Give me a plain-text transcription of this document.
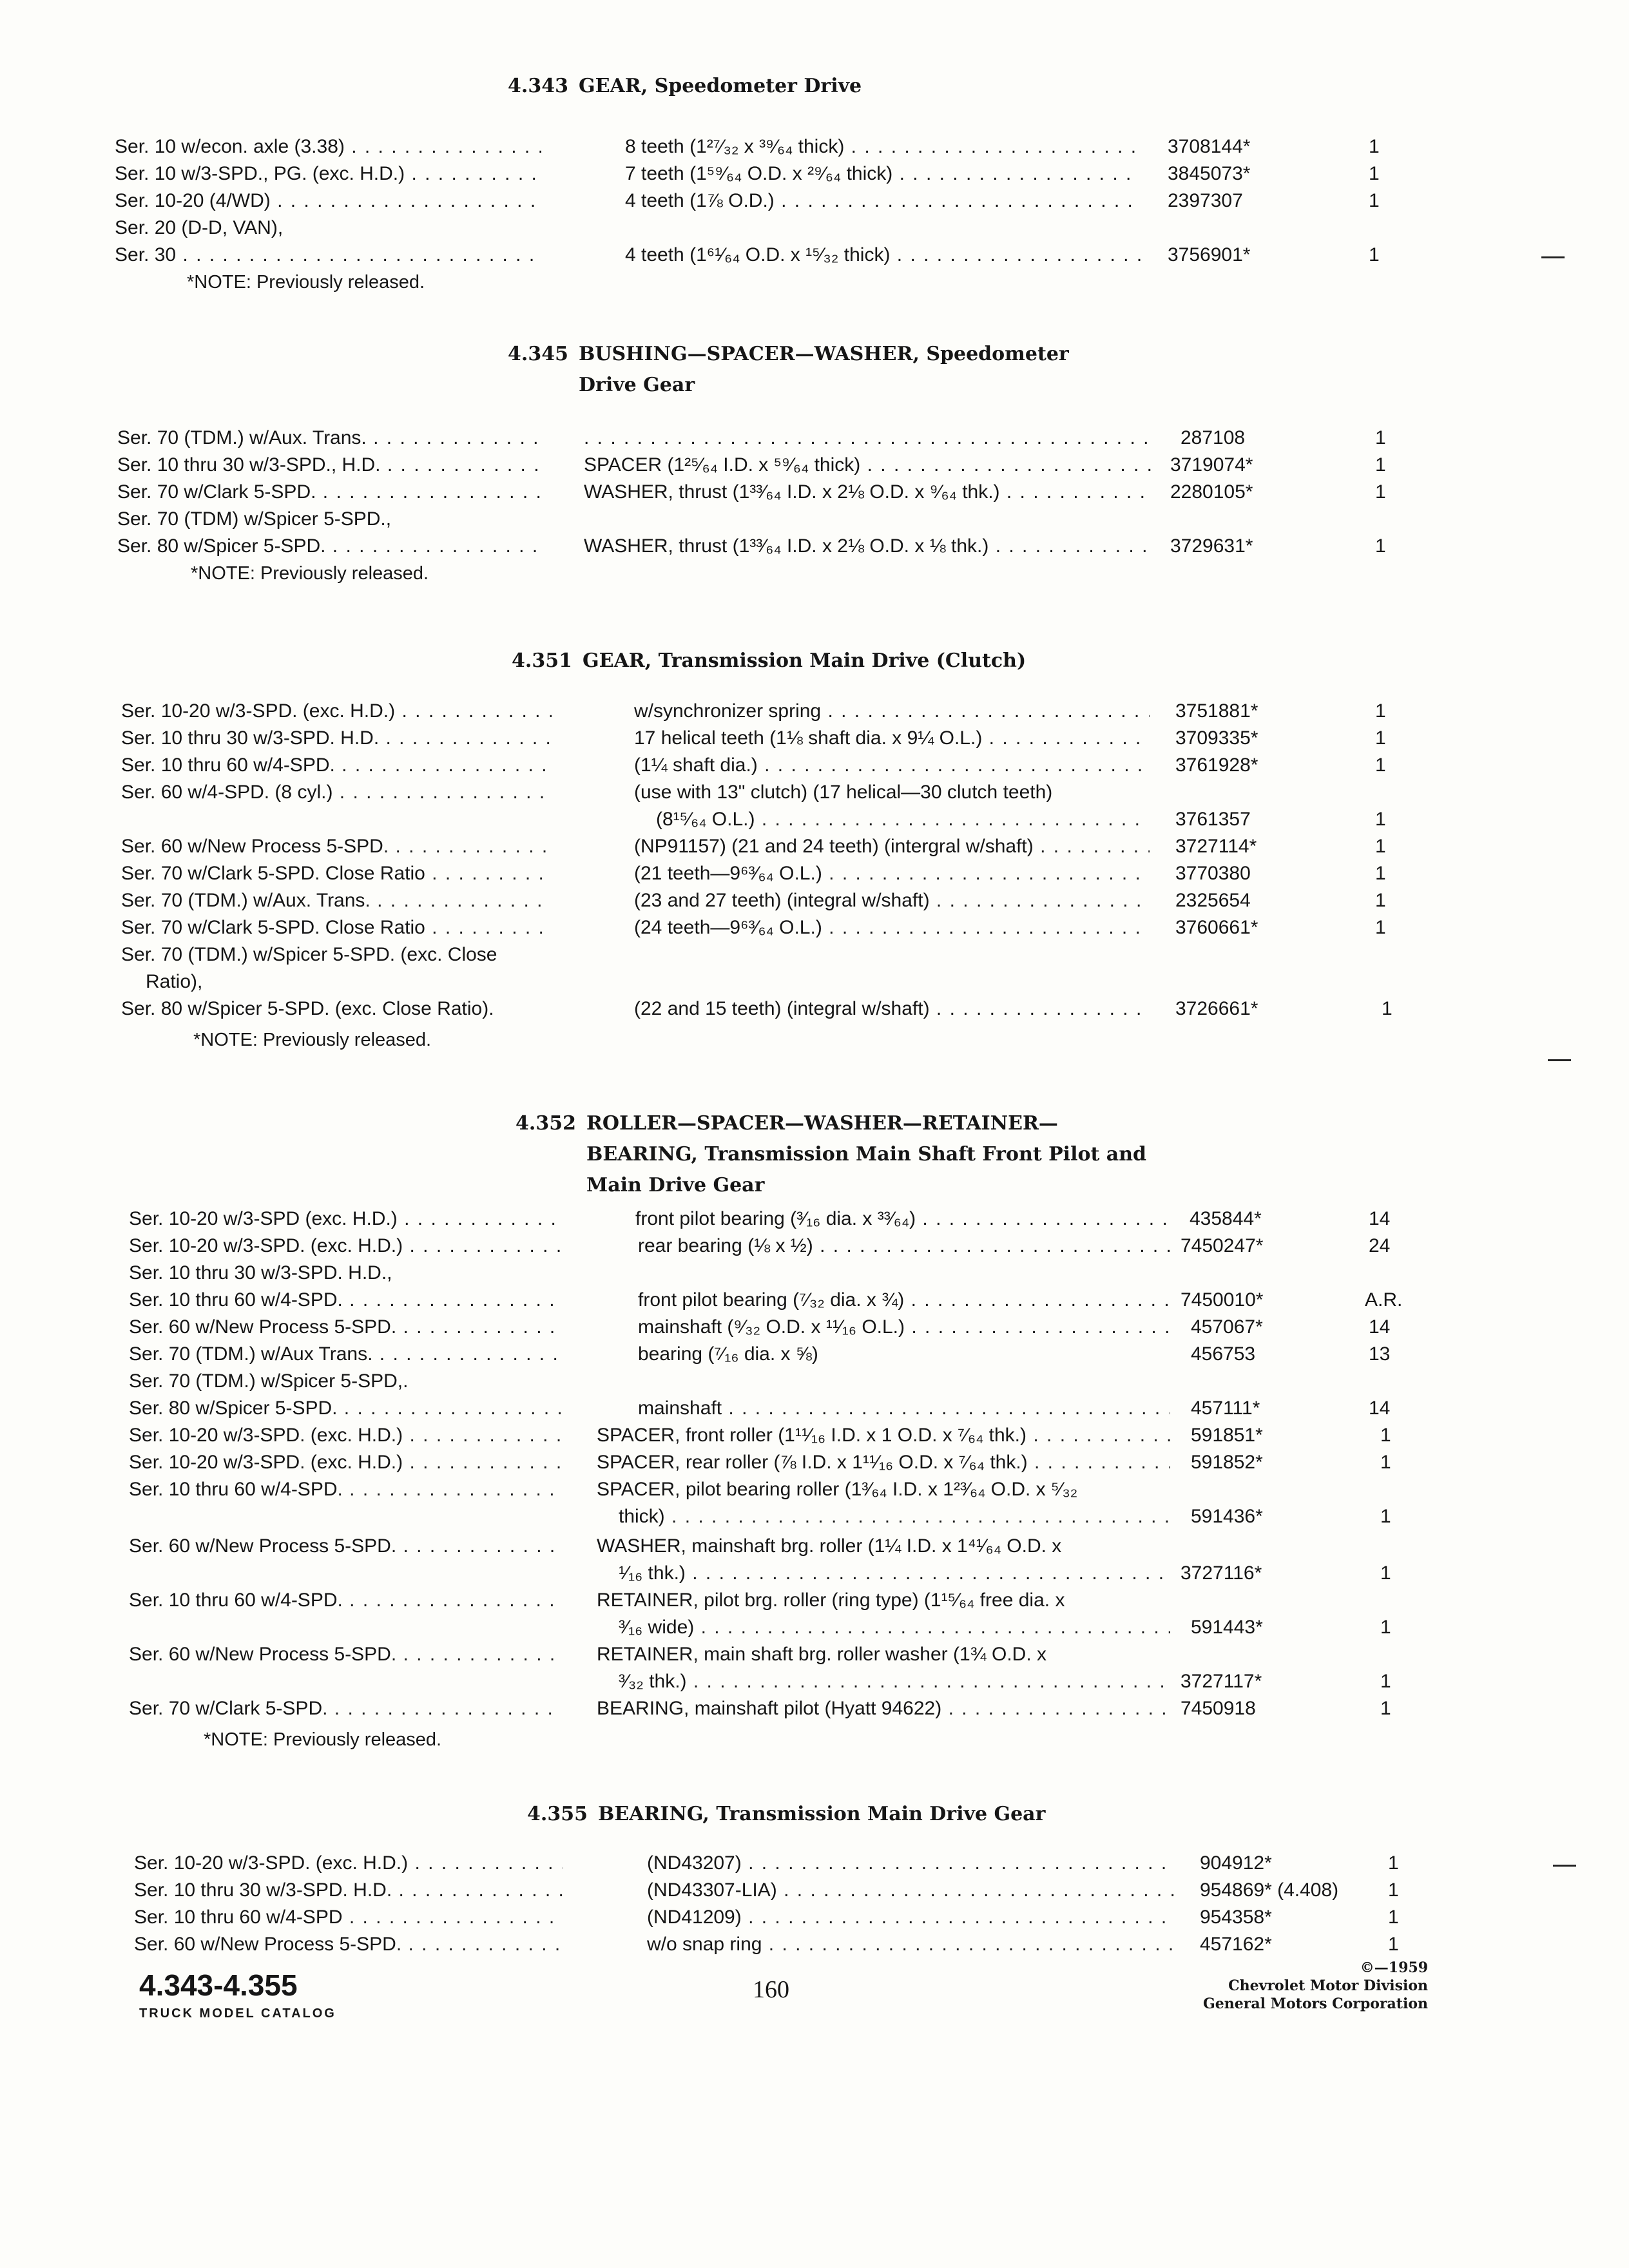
4.343 GEAR, Speedometer Drive
Ser. 10 w/econ. axle (3.38) . . .	8 teeth (1²⁷⁄₃₂ x ³⁹⁄₆₄ thick) . . .	3708144*	1
Ser. 10 w/3-SPD., PG. (exc. H.D.) . . .	7 teeth (1⁵⁹⁄₆₄ O.D. x ²⁹⁄₆₄ thick) . . .	3845073*	1
Ser. 10-20 (4/WD) . . .	4 teeth (1⅞ O.D.) . . .	2397307	1
Ser. 20 (D-D, VAN),
Ser. 30 . . .	4 teeth (1⁶¹⁄₆₄ O.D. x ¹⁵⁄₃₂ thick) . . .	3756901*	1
*NOTE: Previously released.
4.345 BUSHING—SPACER—WASHER, Speedometer Drive Gear
Ser. 70 (TDM.) w/Aux. Trans. . . .
. . .	287108	1
Ser. 10 thru 30 w/3-SPD., H.D. . . .	SPACER (1²⁵⁄₆₄ I.D. x ⁵⁹⁄₆₄ thick) . . .	3719074*	1
Ser. 70 w/Clark 5-SPD. . . .	WASHER, thrust (1³³⁄₆₄ I.D. x 2⅛ O.D. x ⁹⁄₆₄ thk.) . . .	2280105*	1
Ser. 70 (TDM) w/Spicer 5-SPD.,
Ser. 80 w/Spicer 5-SPD. . . .	WASHER, thrust (1³³⁄₆₄ I.D. x 2⅛ O.D. x ⅛ thk.) . . .	3729631*	1
*NOTE: Previously released.
4.351 GEAR, Transmission Main Drive (Clutch)
Ser. 10-20 w/3-SPD. (exc. H.D.) . . .	w/synchronizer spring . . .	3751881*	1
Ser. 10 thru 30 w/3-SPD. H.D. . . .	17 helical teeth (1⅛ shaft dia. x 9¼ O.L.) . . .	3709335*	1
Ser. 10 thru 60 w/4-SPD. . . .	(1¼ shaft dia.) . . .	3761928*	1
Ser. 60 w/4-SPD. (8 cyl.) . . .	(use with 13" clutch) (17 helical—30 clutch teeth)
(8¹⁵⁄₆₄ O.L.) . . .	3761357	1
Ser. 60 w/New Process 5-SPD. . . .	(NP91157) (21 and 24 teeth) (intergral w/shaft) . . .	3727114*	1
Ser. 70 w/Clark 5-SPD. Close Ratio . . .	(21 teeth—9⁶³⁄₆₄ O.L.) . . .	3770380	1
Ser. 70 (TDM.) w/Aux. Trans. . . .	(23 and 27 teeth) (integral w/shaft) . . .	2325654	1
Ser. 70 w/Clark 5-SPD. Close Ratio . . .	(24 teeth—9⁶³⁄₆₄ O.L.) . . .	3760661*	1
Ser. 70 (TDM.) w/Spicer 5-SPD. (exc. Close
Ratio),
Ser. 80 w/Spicer 5-SPD. (exc. Close Ratio).	(22 and 15 teeth) (integral w/shaft) . . .	3726661*	1
*NOTE: Previously released.
4.352 ROLLER—SPACER—WASHER—RETAINER—BEARING, Transmission Main Shaft Front Pilot and Main Drive Gear
Ser. 10-20 w/3-SPD (exc. H.D.) . . .	front pilot bearing (³⁄₁₆ dia. x ³³⁄₆₄) . . .	435844*	14
Ser. 10-20 w/3-SPD. (exc. H.D.) . . .	rear bearing (⅛ x ½) . . .	7450247*	24
Ser. 10 thru 30 w/3-SPD. H.D.,
Ser. 10 thru 60 w/4-SPD. . . .	front pilot bearing (⁷⁄₃₂ dia. x ¾) . . .	7450010*	A.R.
Ser. 60 w/New Process 5-SPD. . . .	mainshaft (⁹⁄₃₂ O.D. x ¹¹⁄₁₆ O.L.) . . .	457067*	14
Ser. 70 (TDM.) w/Aux Trans. . . .	bearing (⁷⁄₁₆ dia. x ⅝)	456753	13
Ser. 70 (TDM.) w/Spicer 5-SPD,.
Ser. 80 w/Spicer 5-SPD. . . .	mainshaft . . .	457111*	14
Ser. 10-20 w/3-SPD. (exc. H.D.) . . .	SPACER, front roller (1¹¹⁄₁₆ I.D. x 1 O.D. x ⁷⁄₆₄ thk.) . . .	591851*	1
Ser. 10-20 w/3-SPD. (exc. H.D.) . . .	SPACER, rear roller (⅞ I.D. x 1¹¹⁄₁₆ O.D. x ⁷⁄₆₄ thk.) . . .	591852*	1
Ser. 10 thru 60 w/4-SPD. . . .	SPACER, pilot bearing roller (1³⁄₆₄ I.D. x 1²³⁄₆₄ O.D. x ⁵⁄₃₂
thick) . . .	591436*	1
Ser. 60 w/New Process 5-SPD. . . .	WASHER, mainshaft brg. roller (1¼ I.D. x 1⁴¹⁄₆₄ O.D. x
¹⁄₁₆ thk.) . . .	3727116*	1
Ser. 10 thru 60 w/4-SPD. . . .	RETAINER, pilot brg. roller (ring type) (1¹⁵⁄₆₄ free dia. x
³⁄₁₆ wide) . . .	591443*	1
Ser. 60 w/New Process 5-SPD. . . .	RETAINER, main shaft brg. roller washer (1¾ O.D. x
³⁄₃₂ thk.) . . .	3727117*	1
Ser. 70 w/Clark 5-SPD. . . .	BEARING, mainshaft pilot (Hyatt 94622) . . .	7450918	1
*NOTE: Previously released.
4.355 BEARING, Transmission Main Drive Gear
Ser. 10-20 w/3-SPD. (exc. H.D.) . . .	(ND43207) . . .	904912*	1
Ser. 10 thru 30 w/3-SPD. H.D. . . .	(ND43307-LIA) . . .	954869* (4.408)	1
Ser. 10 thru 60 w/4-SPD . . .	(ND41209) . . .	954358*	1
Ser. 60 w/New Process 5-SPD. . . .	w/o snap ring . . .	457162*	1
4.343-4.355
TRUCK MODEL CATALOG
160
©—1959
Chevrolet Motor Division
General Motors Corporation
